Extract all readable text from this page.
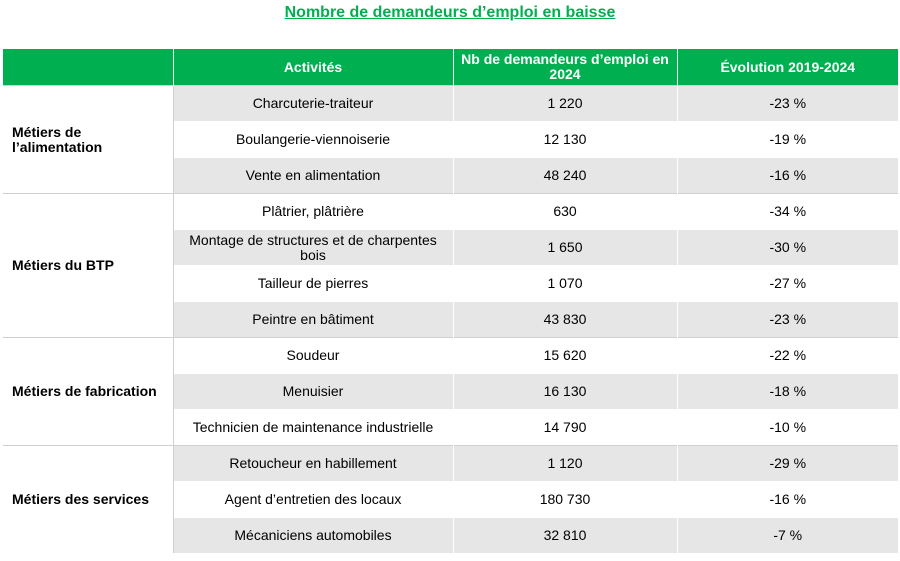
Nombre de demandeurs d’emploi en baisse
	Activités	Nb de demandeurs d’emploi en 2024	Évolution 2019-2024
Métiers de l’alimentation	Charcuterie-traiteur	1 220	-23 %
	Boulangerie-viennoiserie	12 130	-19 %
	Vente en alimentation	48 240	-16 %
Métiers du BTP	Plâtrier, plâtrière	630	-34 %
	Montage de structures et de charpentes bois	1 650	-30 %
	Tailleur de pierres	1 070	-27 %
	Peintre en bâtiment	43 830	-23 %
Métiers de fabrication	Soudeur	15 620	-22 %
	Menuisier	16 130	-18 %
	Technicien de maintenance industrielle	14 790	-10 %
Métiers des services	Retoucheur en habillement	1 120	-29 %
	Agent d’entretien des locaux	180 730	-16 %
	Mécaniciens automobiles	32 810	-7 %
